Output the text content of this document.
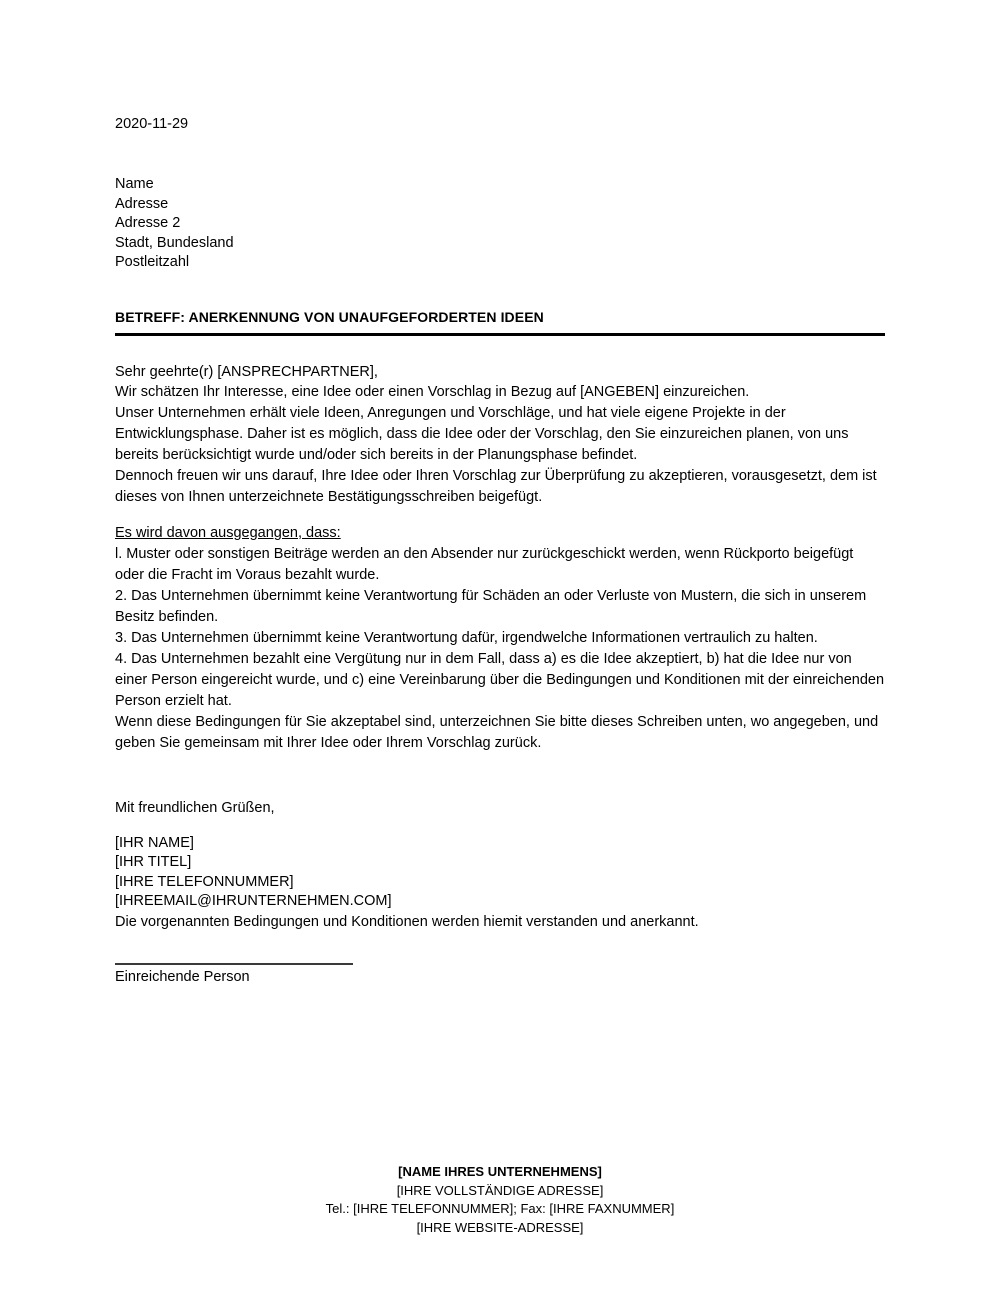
2020-11-29
Name
Adresse
Adresse 2
Stadt, Bundesland
Postleitzahl
BETREFF: ANERKENNUNG VON UNAUFGEFORDERTEN IDEEN
Sehr geehrte(r) [ANSPRECHPARTNER],

Wir schätzen Ihr Interesse, eine Idee oder einen Vorschlag in Bezug auf [ANGEBEN] einzureichen.

Unser Unternehmen erhält viele Ideen, Anregungen und Vorschläge, und hat viele eigene Projekte in der Entwicklungsphase. Daher ist es möglich, dass die Idee oder der Vorschlag, den Sie einzureichen planen, von uns bereits berücksichtigt wurde und/oder sich bereits in der Planungsphase befindet.

Dennoch freuen wir uns darauf, Ihre Idee oder Ihren Vorschlag zur Überprüfung zu akzeptieren, vorausgesetzt, dem ist dieses von Ihnen unterzeichnete Bestätigungsschreiben beigefügt.

Es wird davon ausgegangen, dass:

l. Muster oder sonstigen Beiträge werden an den Absender nur zurückgeschickt werden, wenn Rückporto beigefügt oder die Fracht im Voraus bezahlt wurde.

2. Das Unternehmen übernimmt keine Verantwortung für Schäden an oder Verluste von Mustern, die sich in unserem Besitz befinden.

3. Das Unternehmen übernimmt keine Verantwortung dafür, irgendwelche Informationen vertraulich zu halten.

4. Das Unternehmen bezahlt eine Vergütung nur in dem Fall, dass a) es die Idee akzeptiert, b) hat die Idee nur von einer Person eingereicht wurde, und c) eine Vereinbarung über die Bedingungen und Konditionen mit der einreichenden Person erzielt hat.

Wenn diese Bedingungen für Sie akzeptabel sind, unterzeichnen Sie bitte dieses Schreiben unten, wo angegeben, und geben Sie gemeinsam mit Ihrer Idee oder Ihrem Vorschlag zurück.

Mit freundlichen Grüßen,
[IHR NAME]
[IHR TITEL]
[IHRE TELEFONNUMMER]
[IHREEMAIL@IHRUNTERNEHMEN.COM]

Die vorgenannten Bedingungen und Konditionen werden hiemit verstanden und anerkannt.

Einreichende Person
[NAME IHRES UNTERNEHMENS]
[IHRE VOLLSTÄNDIGE ADRESSE]
Tel.: [IHRE TELEFONNUMMER]; Fax: [IHRE FAXNUMMER]
[IHRE WEBSITE-ADRESSE]
